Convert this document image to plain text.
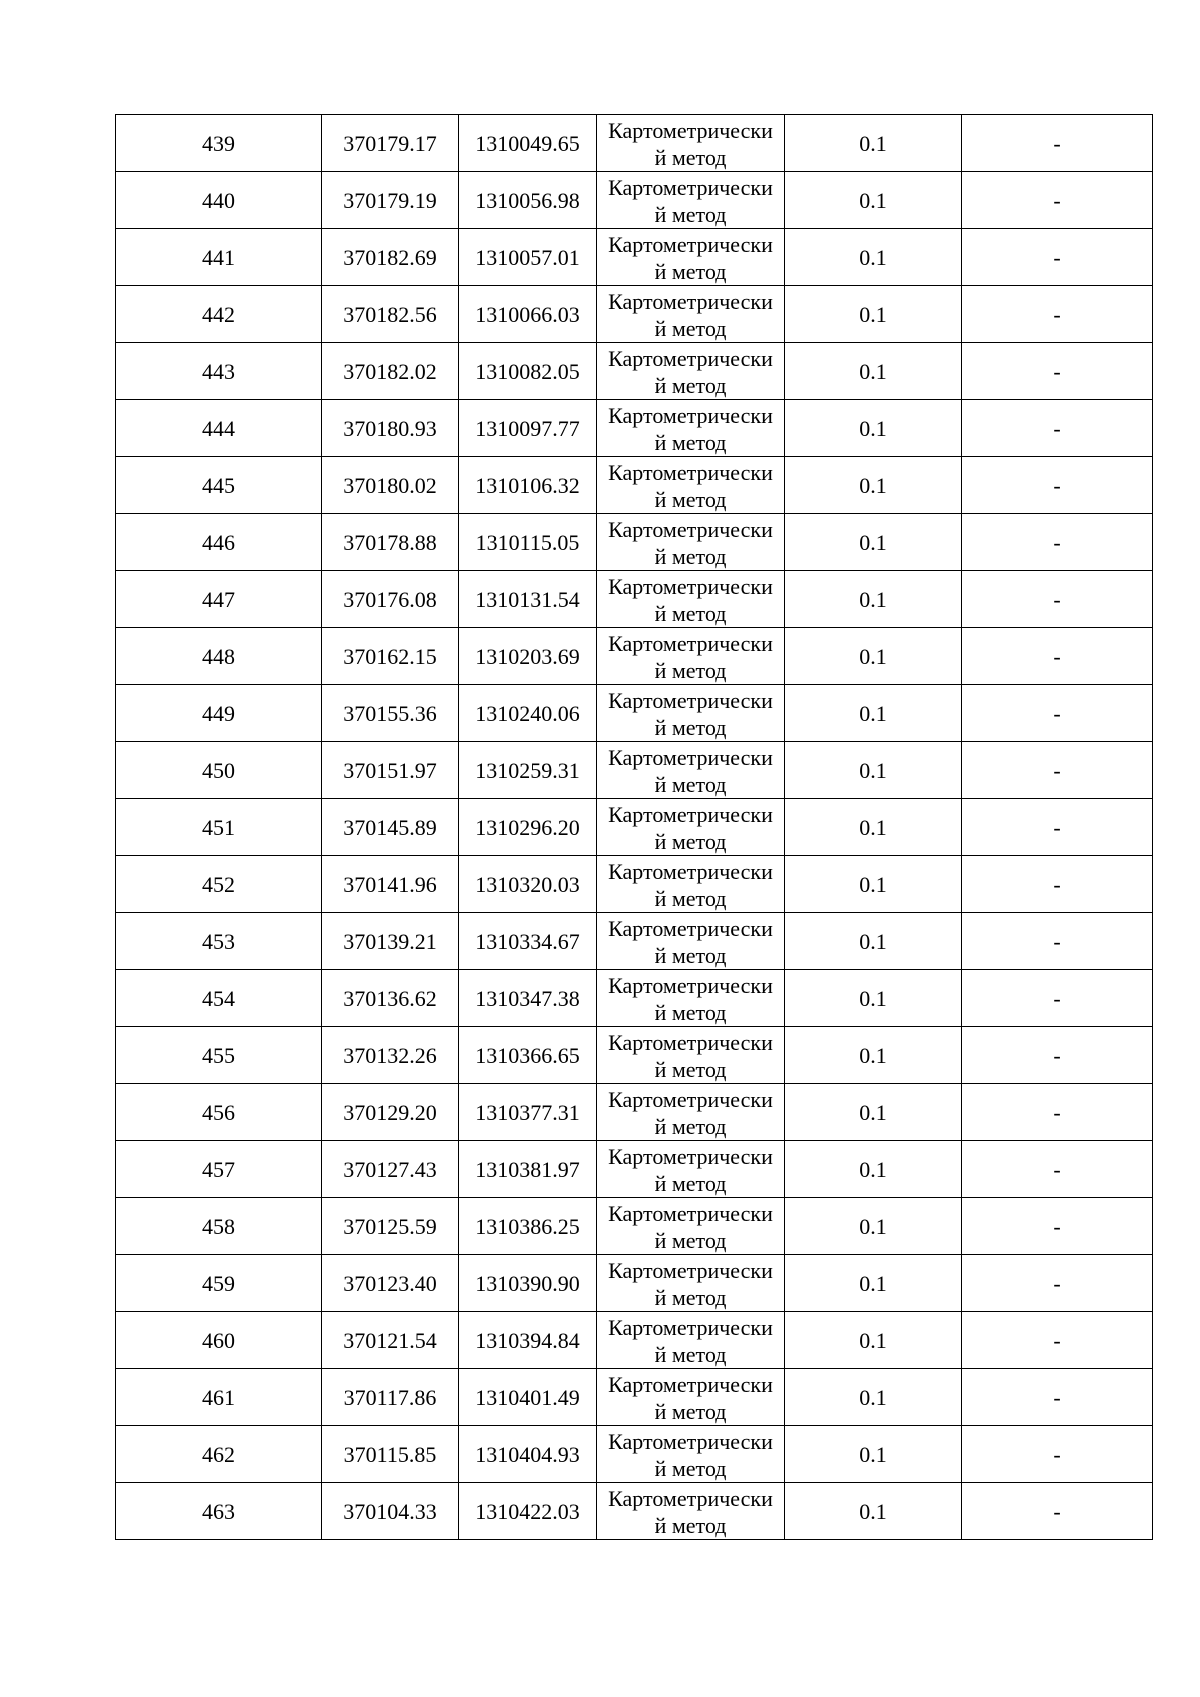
439	370179.17	1310049.65	Картометрически
й метод	0.1	-
440	370179.19	1310056.98	Картометрически
й метод	0.1	-
441	370182.69	1310057.01	Картометрически
й метод	0.1	-
442	370182.56	1310066.03	Картометрически
й метод	0.1	-
443	370182.02	1310082.05	Картометрически
й метод	0.1	-
444	370180.93	1310097.77	Картометрически
й метод	0.1	-
445	370180.02	1310106.32	Картометрически
й метод	0.1	-
446	370178.88	1310115.05	Картометрически
й метод	0.1	-
447	370176.08	1310131.54	Картометрически
й метод	0.1	-
448	370162.15	1310203.69	Картометрически
й метод	0.1	-
449	370155.36	1310240.06	Картометрически
й метод	0.1	-
450	370151.97	1310259.31	Картометрически
й метод	0.1	-
451	370145.89	1310296.20	Картометрически
й метод	0.1	-
452	370141.96	1310320.03	Картометрически
й метод	0.1	-
453	370139.21	1310334.67	Картометрически
й метод	0.1	-
454	370136.62	1310347.38	Картометрически
й метод	0.1	-
455	370132.26	1310366.65	Картометрически
й метод	0.1	-
456	370129.20	1310377.31	Картометрически
й метод	0.1	-
457	370127.43	1310381.97	Картометрически
й метод	0.1	-
458	370125.59	1310386.25	Картометрически
й метод	0.1	-
459	370123.40	1310390.90	Картометрически
й метод	0.1	-
460	370121.54	1310394.84	Картометрически
й метод	0.1	-
461	370117.86	1310401.49	Картометрически
й метод	0.1	-
462	370115.85	1310404.93	Картометрически
й метод	0.1	-
463	370104.33	1310422.03	Картометрически
й метод	0.1	-
